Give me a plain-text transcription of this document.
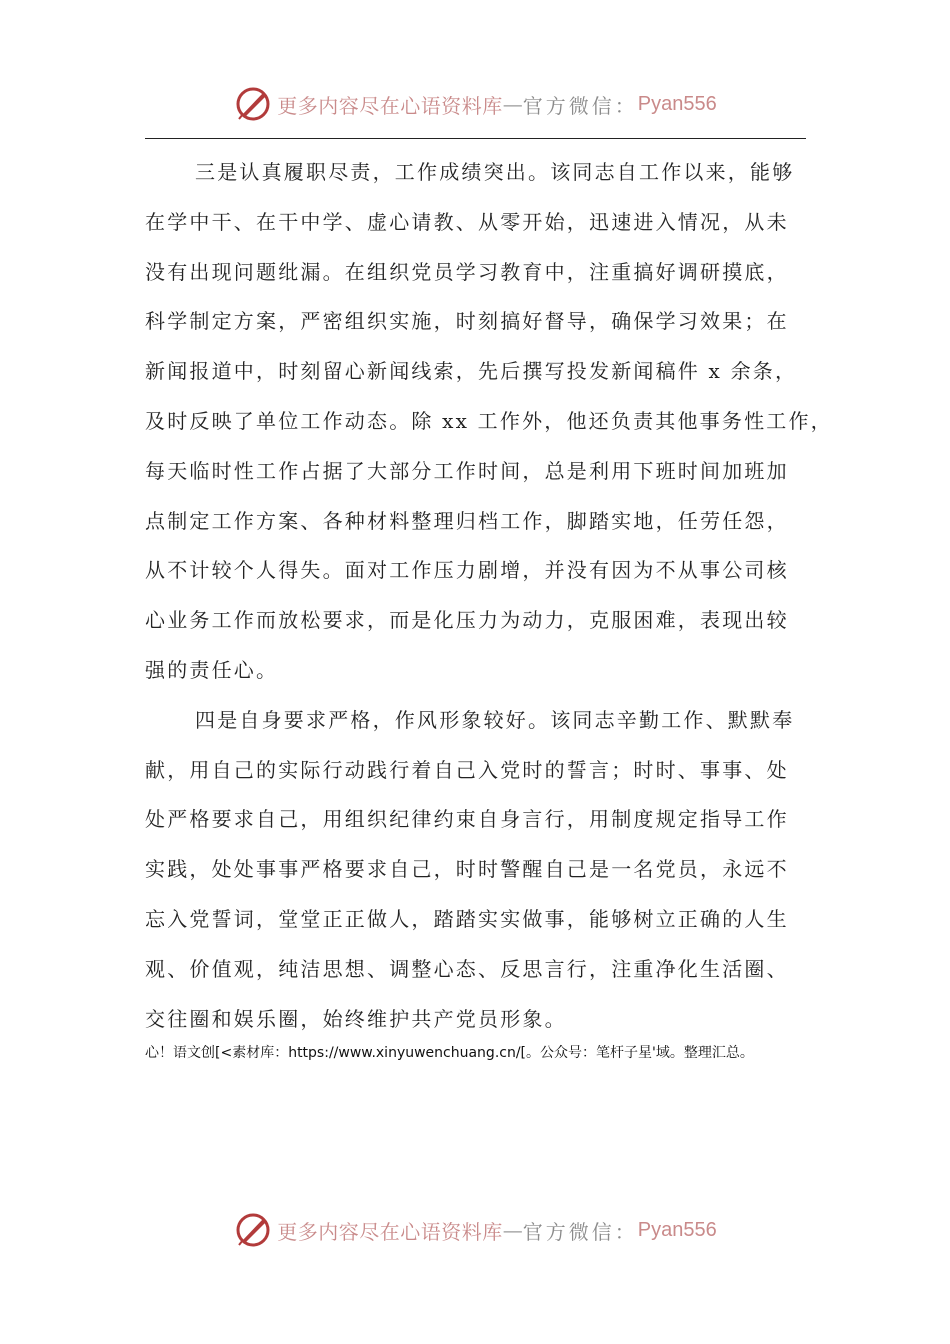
更多内容尽在心语资料库 — 官方微信： Pyan556
三是认真履职尽责，工作成绩突出。该同志自工作以来，能够
在学中干、在干中学、虚心请教、从零开始，迅速进入情况，从未
没有出现问题纰漏。在组织党员学习教育中，注重搞好调研摸底，
科学制定方案，严密组织实施，时刻搞好督导，确保学习效果；在
新闻报道中，时刻留心新闻线索，先后撰写投发新闻稿件 x 余条，
及时反映了单位工作动态。除 xx 工作外，他还负责其他事务性工作，
每天临时性工作占据了大部分工作时间，总是利用下班时间加班加
点制定工作方案、各种材料整理归档工作，脚踏实地，任劳任怨，
从不计较个人得失。面对工作压力剧增，并没有因为不从事公司核
心业务工作而放松要求，而是化压力为动力，克服困难，表现出较
强的责任心。
四是自身要求严格，作风形象较好。该同志辛勤工作、默默奉
献，用自己的实际行动践行着自己入党时的誓言；时时、事事、处
处严格要求自己，用组织纪律约束自身言行，用制度规定指导工作
实践，处处事事严格要求自己，时时警醒自己是一名党员，永远不
忘入党誓词，堂堂正正做人，踏踏实实做事，能够树立正确的人生
观、价值观，纯洁思想、调整心态、反思言行，注重净化生活圈、
交往圈和娱乐圈，始终维护共产党员形象。
心！语文创[<素材库：https://www.xinyuwenchuang.cn/[。公众号：笔杆子星'域。整理汇总。
更多内容尽在心语资料库 — 官方微信： Pyan556
